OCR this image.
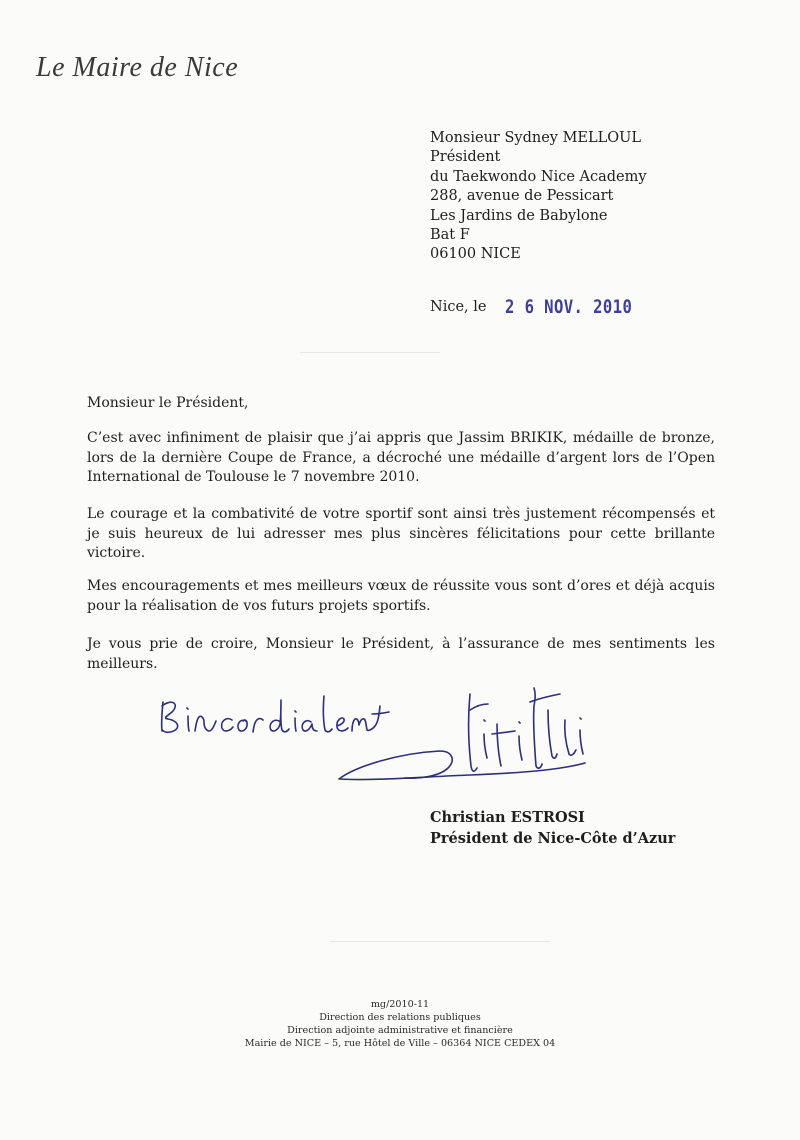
Le Maire de Nice
Monsieur Sydney MELLOUL
Président
du Taekwondo Nice Academy
288, avenue de Pessicart
Les Jardins de Babylone
Bat F
06100 NICE
Nice, le 2 6 NOV. 2010
Monsieur le Président,
C’est avec infiniment de plaisir que j’ai appris que Jassim BRIKIK, médaille de bronze, lors de la dernière Coupe de France, a décroché une médaille d’argent lors de l’Open International de Toulouse le 7 novembre 2010.
Le courage et la combativité de votre sportif sont ainsi très justement récompensés et je suis heureux de lui adresser mes plus sincères félicitations pour cette brillante victoire.
Mes encouragements et mes meilleurs vœux de réussite vous sont d’ores et déjà acquis pour la réalisation de vos futurs projets sportifs.
Je vous prie de croire, Monsieur le Président, à l’assurance de mes sentiments les meilleurs.
Christian ESTROSI
Président de Nice-Côte d’Azur
mg/2010-11
Direction des relations publiques
Direction adjointe administrative et financière
Mairie de NICE – 5, rue Hôtel de Ville – 06364 NICE CEDEX 04
